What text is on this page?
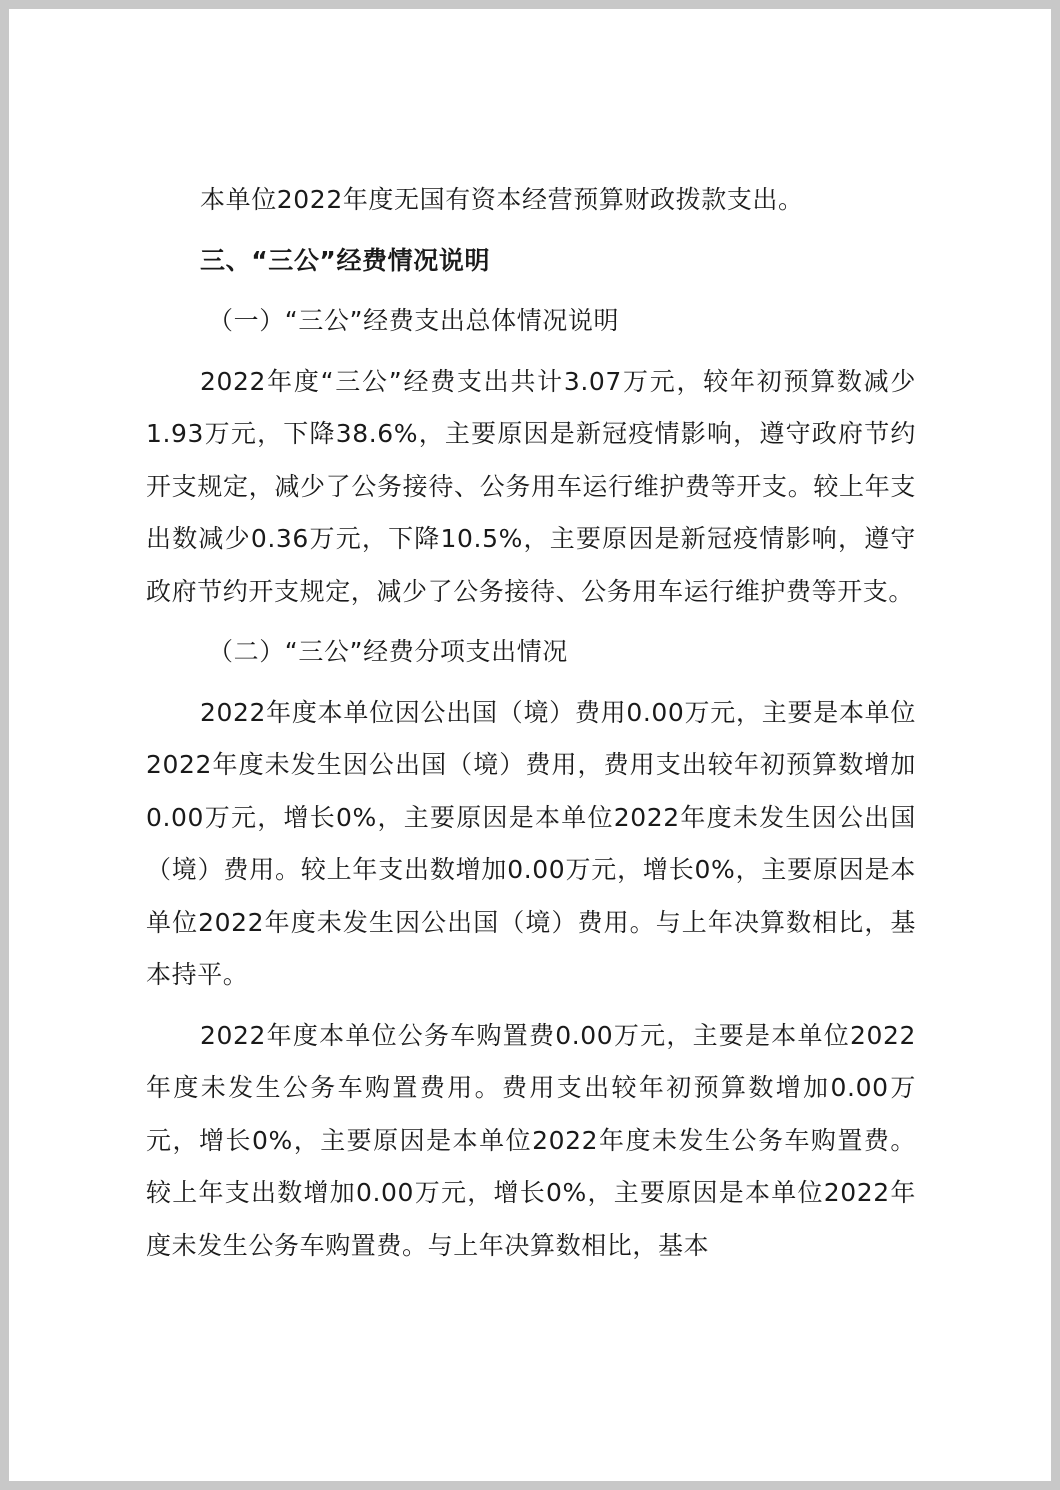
本单位2022年度无国有资本经营预算财政拨款支出。

三、“三公”经费情况说明

（一）“三公”经费支出总体情况说明

2022年度“三公”经费支出共计3.07万元，较年初预算数减少1.93万元，下降38.6%，主要原因是新冠疫情影响，遵守政府节约开支规定，减少了公务接待、公务用车运行维护费等开支。较上年支出数减少0.36万元，下降10.5%，主要原因是新冠疫情影响，遵守政府节约开支规定，减少了公务接待、公务用车运行维护费等开支。

（二）“三公”经费分项支出情况

2022年度本单位因公出国（境）费用0.00万元，主要是本单位2022年度未发生因公出国（境）费用，费用支出较年初预算数增加0.00万元，增长0%，主要原因是本单位2022年度未发生因公出国（境）费用。较上年支出数增加0.00万元，增长0%，主要原因是本单位2022年度未发生因公出国（境）费用。与上年决算数相比，基本持平。

2022年度本单位公务车购置费0.00万元，主要是本单位2022年度未发生公务车购置费用。费用支出较年初预算数增加0.00万元，增长0%，主要原因是本单位2022年度未发生公务车购置费。较上年支出数增加0.00万元，增长0%，主要原因是本单位2022年度未发生公务车购置费。与上年决算数相比，基本
